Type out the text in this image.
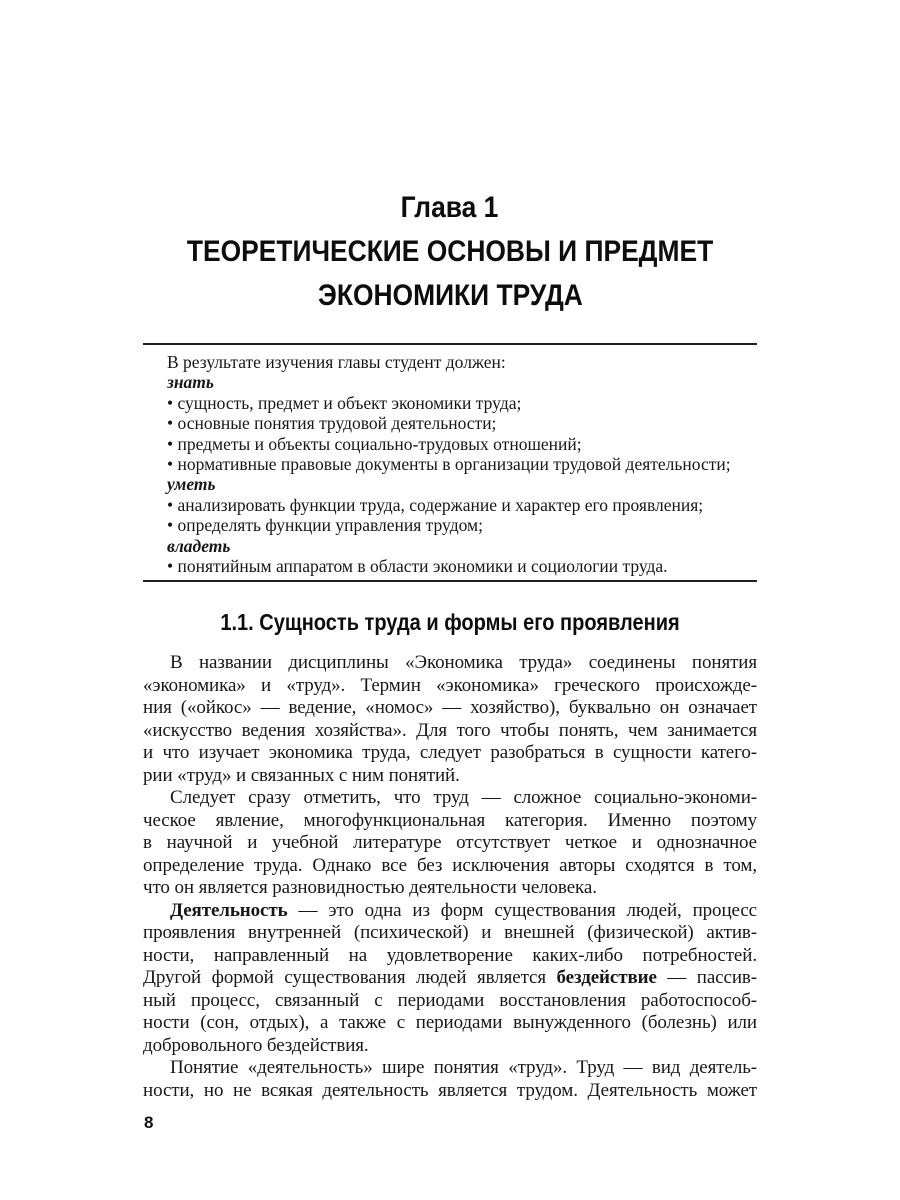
Глава 1
ТЕОРЕТИЧЕСКИЕ ОСНОВЫ И ПРЕДМЕТ
ЭКОНОМИКИ ТРУДА
В результате изучения главы студент должен:
знать
• сущность, предмет и объект экономики труда;
• основные понятия трудовой деятельности;
• предметы и объекты социально-трудовых отношений;
• нормативные правовые документы в организации трудовой деятельности;
уметь
• анализировать функции труда, содержание и характер его проявления;
• определять функции управления трудом;
владеть
• понятийным аппаратом в области экономики и социологии труда.
1.1. Сущность труда и формы его проявления
В названии дисциплины «Экономика труда» соединены понятия
«экономика» и «труд». Термин «экономика» греческого происхожде-
ния («ойкос» — ведение, «номос» — хозяйство), буквально он означает
«искусство ведения хозяйства». Для того чтобы понять, чем занимается
и что изучает экономика труда, следует разобраться в сущности катего-
рии «труд» и связанных с ним понятий.
Следует сразу отметить, что труд — сложное социально-экономи-
ческое явление, многофункциональная категория. Именно поэтому
в научной и учебной литературе отсутствует четкое и однозначное
определение труда. Однако все без исключения авторы сходятся в том,
что он является разновидностью деятельности человека.
Деятельность — это одна из форм существования людей, процесс
проявления внутренней (психической) и внешней (физической) актив-
ности, направленный на удовлетворение каких-либо потребностей.
Другой формой существования людей является бездействие — пассив-
ный процесс, связанный с периодами восстановления работоспособ-
ности (сон, отдых), а также с периодами вынужденного (болезнь) или
добровольного бездействия.
Понятие «деятельность» шире понятия «труд». Труд — вид деятель-
ности, но не всякая деятельность является трудом. Деятельность может
8
